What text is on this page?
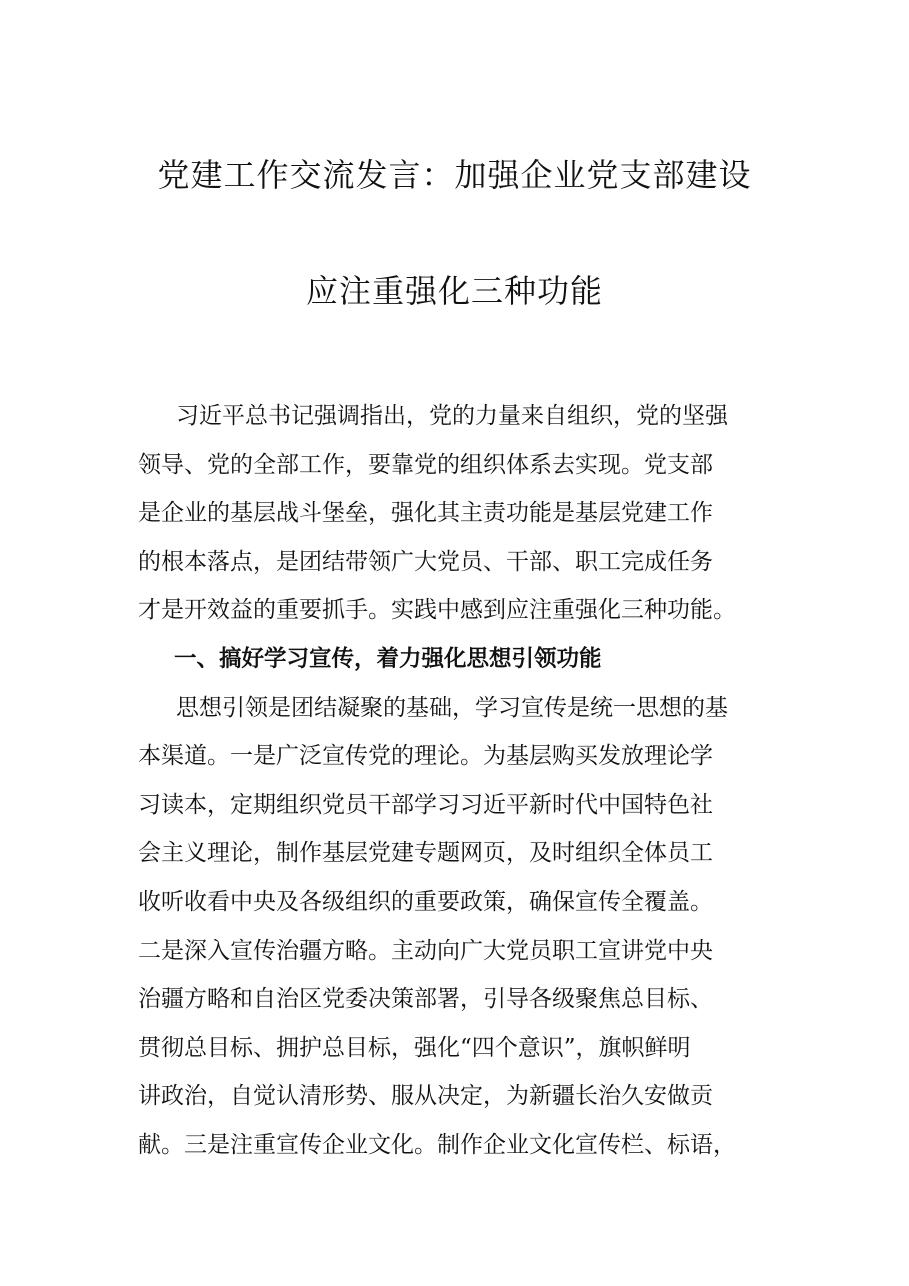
党建工作交流发言：加强企业党支部建设
应注重强化三种功能
习近平总书记强调指出，党的力量来自组织，党的坚强
领导、党的全部工作，要靠党的组织体系去实现。党支部
是企业的基层战斗堡垒，强化其主责功能是基层党建工作
的根本落点，是团结带领广大党员、干部、职工完成任务
才是开效益的重要抓手。实践中感到应注重强化三种功能。
一、搞好学习宣传，着力强化思想引领功能
思想引领是团结凝聚的基础，学习宣传是统一思想的基
本渠道。一是广泛宣传党的理论。为基层购买发放理论学
习读本，定期组织党员干部学习习近平新时代中国特色社
会主义理论，制作基层党建专题网页，及时组织全体员工
收听收看中央及各级组织的重要政策，确保宣传全覆盖。
二是深入宣传治疆方略。主动向广大党员职工宣讲党中央
治疆方略和自治区党委决策部署，引导各级聚焦总目标、
贯彻总目标、拥护总目标，强化“四个意识”，旗帜鲜明
讲政治，自觉认清形势、服从决定，为新疆长治久安做贡
献。三是注重宣传企业文化。制作企业文化宣传栏、标语，
